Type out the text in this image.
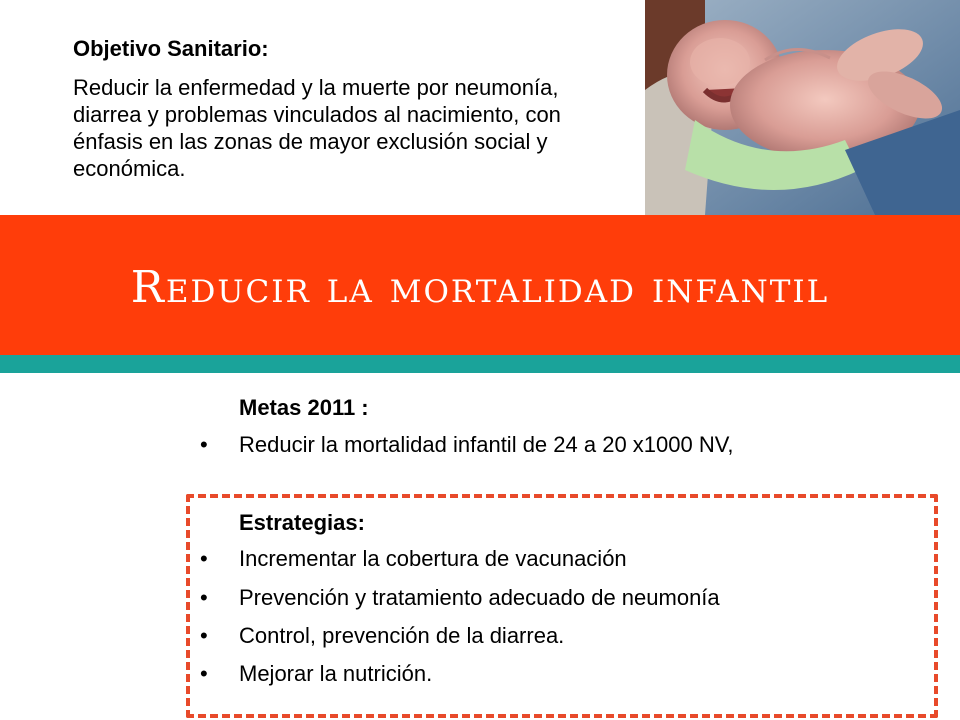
Objetivo Sanitario:

Reducir la enfermedad y la muerte por neumonía, diarrea y problemas vinculados al nacimiento, con énfasis en las zonas de mayor exclusión social y económica.

Reducir la mortalidad infantil
Metas 2011 :
• Reducir la mortalidad infantil de 24 a 20 x1000 NV,
Estrategias:
• Incrementar la cobertura de vacunación
• Prevención y tratamiento adecuado de neumonía
• Control, prevención de la diarrea.
• Mejorar la nutrición.
